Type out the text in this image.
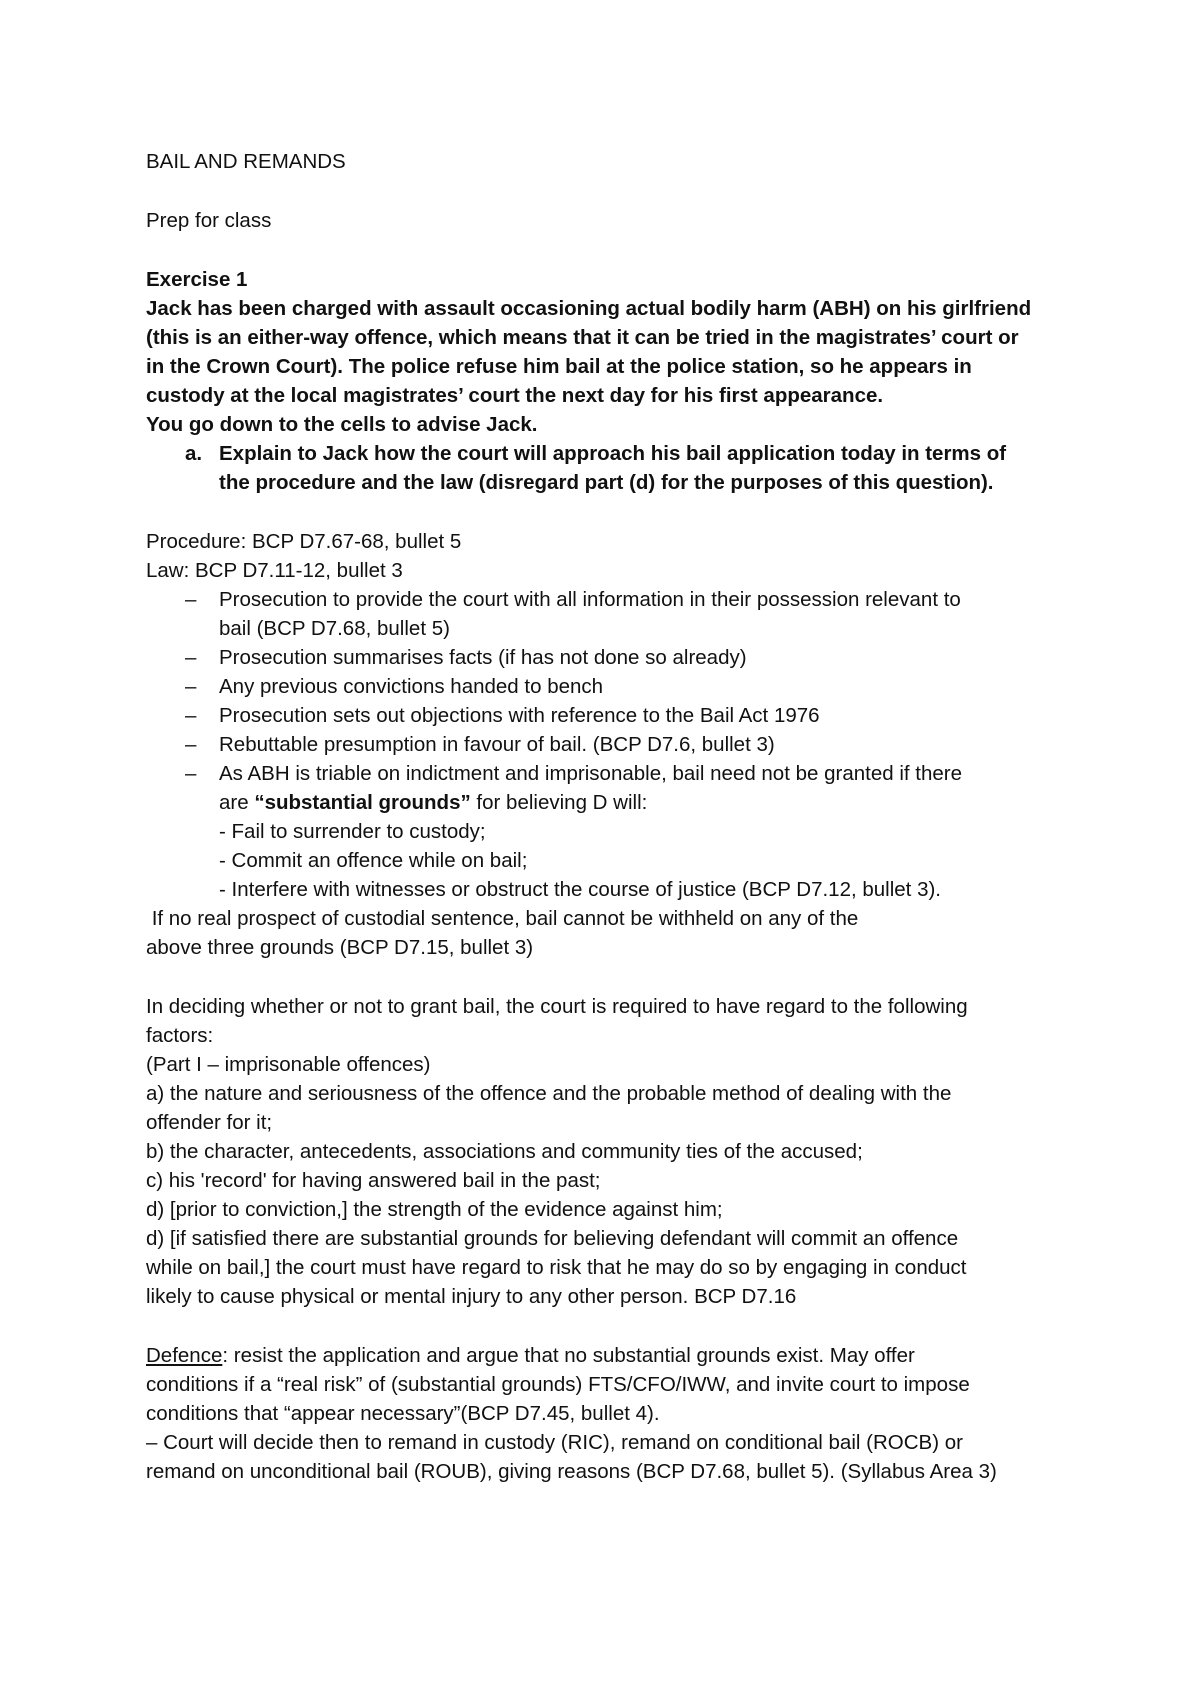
BAIL AND REMANDS
Prep for class
Exercise 1
Jack has been charged with assault occasioning actual bodily harm (ABH) on his girlfriend
(this is an either-way offence, which means that it can be tried in the magistrates’ court or
in the Crown Court). The police refuse him bail at the police station, so he appears in
custody at the local magistrates’ court the next day for his first appearance.
You go down to the cells to advise Jack.
a. Explain to Jack how the court will approach his bail application today in terms of
the procedure and the law (disregard part (d) for the purposes of this question).
Procedure: BCP D7.67-68, bullet 5
Law: BCP D7.11-12, bullet 3
– Prosecution to provide the court with all information in their possession relevant to
bail (BCP D7.68, bullet 5)
– Prosecution summarises facts (if has not done so already)
– Any previous convictions handed to bench
– Prosecution sets out objections with reference to the Bail Act 1976
– Rebuttable presumption in favour of bail. (BCP D7.6, bullet 3)
– As ABH is triable on indictment and imprisonable, bail need not be granted if there
are “substantial grounds” for believing D will:
- Fail to surrender to custody;
- Commit an offence while on bail;
- Interfere with witnesses or obstruct the course of justice (BCP D7.12, bullet 3).
If no real prospect of custodial sentence, bail cannot be withheld on any of the
above three grounds (BCP D7.15, bullet 3)
In deciding whether or not to grant bail, the court is required to have regard to the following
factors:
(Part I – imprisonable offences)
a) the nature and seriousness of the offence and the probable method of dealing with the
offender for it;
b) the character, antecedents, associations and community ties of the accused;
c) his 'record' for having answered bail in the past;
d) [prior to conviction,] the strength of the evidence against him;
d) [if satisfied there are substantial grounds for believing defendant will commit an offence
while on bail,] the court must have regard to risk that he may do so by engaging in conduct
likely to cause physical or mental injury to any other person. BCP D7.16
Defence: resist the application and argue that no substantial grounds exist. May offer
conditions if a “real risk” of (substantial grounds) FTS/CFO/IWW, and invite court to impose
conditions that “appear necessary”(BCP D7.45, bullet 4).
– Court will decide then to remand in custody (RIC), remand on conditional bail (ROCB) or
remand on unconditional bail (ROUB), giving reasons (BCP D7.68, bullet 5). (Syllabus Area 3)
